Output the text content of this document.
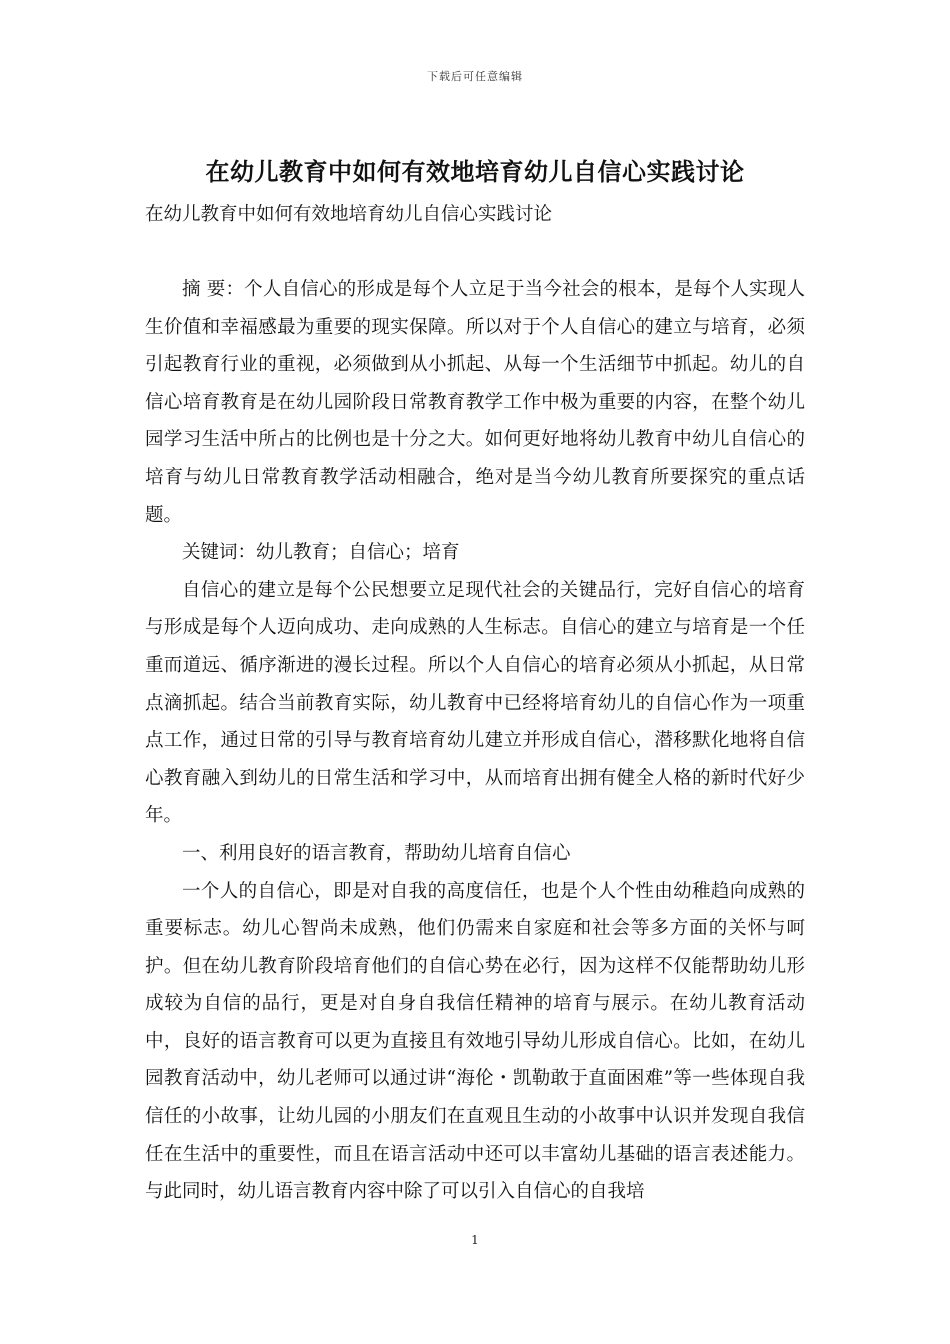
下载后可任意编辑
在幼儿教育中如何有效地培育幼儿自信心实践讨论
在幼儿教育中如何有效地培育幼儿自信心实践讨论

摘 要：个人自信心的形成是每个人立足于当今社会的根本，是每个人实现人生价值和幸福感最为重要的现实保障。所以对于个人自信心的建立与培育，必须引起教育行业的重视，必须做到从小抓起、从每一个生活细节中抓起。幼儿的自信心培育教育是在幼儿园阶段日常教育教学工作中极为重要的内容，在整个幼儿园学习生活中所占的比例也是十分之大。如何更好地将幼儿教育中幼儿自信心的培育与幼儿日常教育教学活动相融合，绝对是当今幼儿教育所要探究的重点话题。

关键词：幼儿教育；自信心；培育

自信心的建立是每个公民想要立足现代社会的关键品行，完好自信心的培育与形成是每个人迈向成功、走向成熟的人生标志。自信心的建立与培育是一个任重而道远、循序渐进的漫长过程。所以个人自信心的培育必须从小抓起，从日常点滴抓起。结合当前教育实际，幼儿教育中已经将培育幼儿的自信心作为一项重点工作，通过日常的引导与教育培育幼儿建立并形成自信心，潜移默化地将自信心教育融入到幼儿的日常生活和学习中，从而培育出拥有健全人格的新时代好少年。

一、利用良好的语言教育，帮助幼儿培育自信心

一个人的自信心，即是对自我的高度信任，也是个人个性由幼稚趋向成熟的重要标志。幼儿心智尚未成熟，他们仍需来自家庭和社会等多方面的关怀与呵护。但在幼儿教育阶段培育他们的自信心势在必行，因为这样不仅能帮助幼儿形成较为自信的品行，更是对自身自我信任精神的培育与展示。在幼儿教育活动中，良好的语言教育可以更为直接且有效地引导幼儿形成自信心。比如，在幼儿园教育活动中，幼儿老师可以通过讲“海伦・凯勒敢于直面困难”等一些体现自我信任的小故事，让幼儿园的小朋友们在直观且生动的小故事中认识并发现自我信任在生活中的重要性，而且在语言活动中还可以丰富幼儿基础的语言表述能力。与此同时，幼儿语言教育内容中除了可以引入自信心的自我培

1
